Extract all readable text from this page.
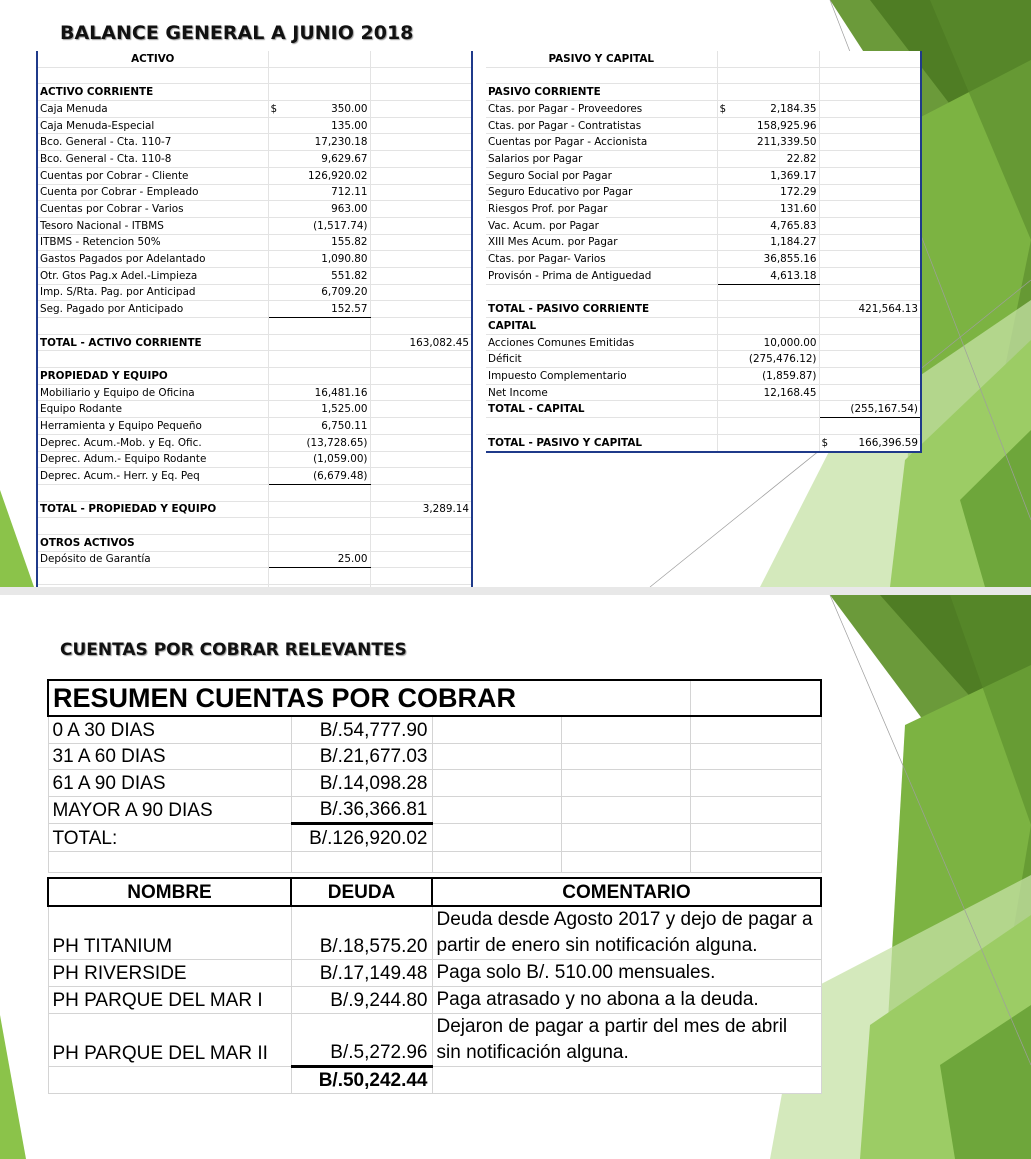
BALANCE GENERAL A JUNIO 2018
ACTIVO		

ACTIVO CORRIENTE		
Caja Menuda	$ 350.00	
Caja Menuda-Especial	135.00	
Bco. General - Cta. 110-7	17,230.18	
Bco. General - Cta. 110-8	9,629.67	
Cuentas por Cobrar - Cliente	126,920.02	
Cuenta por Cobrar - Empleado	712.11	
Cuentas por Cobrar - Varios	963.00	
Tesoro Nacional - ITBMS	(1,517.74)	
ITBMS - Retencion 50%	155.82	
Gastos Pagados por Adelantado	1,090.80	
Otr. Gtos Pag.x Adel.-Limpieza	551.82	
Imp. S/Rta. Pag. por Anticipad	6,709.20	
Seg. Pagado por Anticipado	152.57	

TOTAL - ACTIVO CORRIENTE		163,082.45

PROPIEDAD Y EQUIPO		
Mobiliario y Equipo de Oficina	16,481.16	
Equipo Rodante	1,525.00	
Herramienta y Equipo Pequeño	6,750.11	
Deprec. Acum.-Mob. y Eq. Ofic.	(13,728.65)	
Deprec. Adum.- Equipo Rodante	(1,059.00)	
Deprec. Acum.- Herr. y Eq. Peq	(6,679.48)	

TOTAL - PROPIEDAD Y EQUIPO		3,289.14

OTROS ACTIVOS		
Depósito de Garantía	25.00	

PASIVO Y CAPITAL		

PASIVO CORRIENTE		
Ctas. por Pagar - Proveedores	$ 2,184.35	
Ctas. por Pagar - Contratistas	158,925.96	
Cuentas por Pagar - Accionista	211,339.50	
Salarios por Pagar	22.82	
Seguro Social por Pagar	1,369.17	
Seguro Educativo por Pagar	172.29	
Riesgos Prof. por Pagar	131.60	
Vac. Acum. por Pagar	4,765.83	
XIII Mes Acum. por Pagar	1,184.27	
Ctas. por Pagar- Varios	36,855.16	
Provisón - Prima de Antiguedad	4,613.18	

TOTAL - PASIVO CORRIENTE		421,564.13
CAPITAL		
Acciones Comunes Emitidas	10,000.00	
Déficit	(275,476.12)	
Impuesto Complementario	(1,859.87)	
Net Income	12,168.45	
TOTAL - CAPITAL		(255,167.54)

TOTAL - PASIVO Y CAPITAL		$ 166,396.59
CUENTAS POR COBRAR RELEVANTES
RESUMEN CUENTAS POR COBRAR				
0 A 30 DIAS	B/.54,777.90			
31 A 60 DIAS	B/.21,677.03			
61 A 90 DIAS	B/.14,098.28			
MAYOR A 90 DIAS	B/.36,366.81			
TOTAL:	B/.126,920.02			

NOMBRE	DEUDA	COMENTARIO
PH TITANIUM	B/.18,575.20	Deuda desde Agosto 2017 y dejo de pagar a partir de enero sin notificación alguna.
PH RIVERSIDE	B/.17,149.48	Paga solo B/. 510.00 mensuales.
PH PARQUE DEL MAR I	B/.9,244.80	Paga atrasado y no abona a la deuda.
PH PARQUE DEL MAR II	B/.5,272.96	Dejaron de pagar a partir del mes de abril sin notificación alguna.
	B/.50,242.44	
